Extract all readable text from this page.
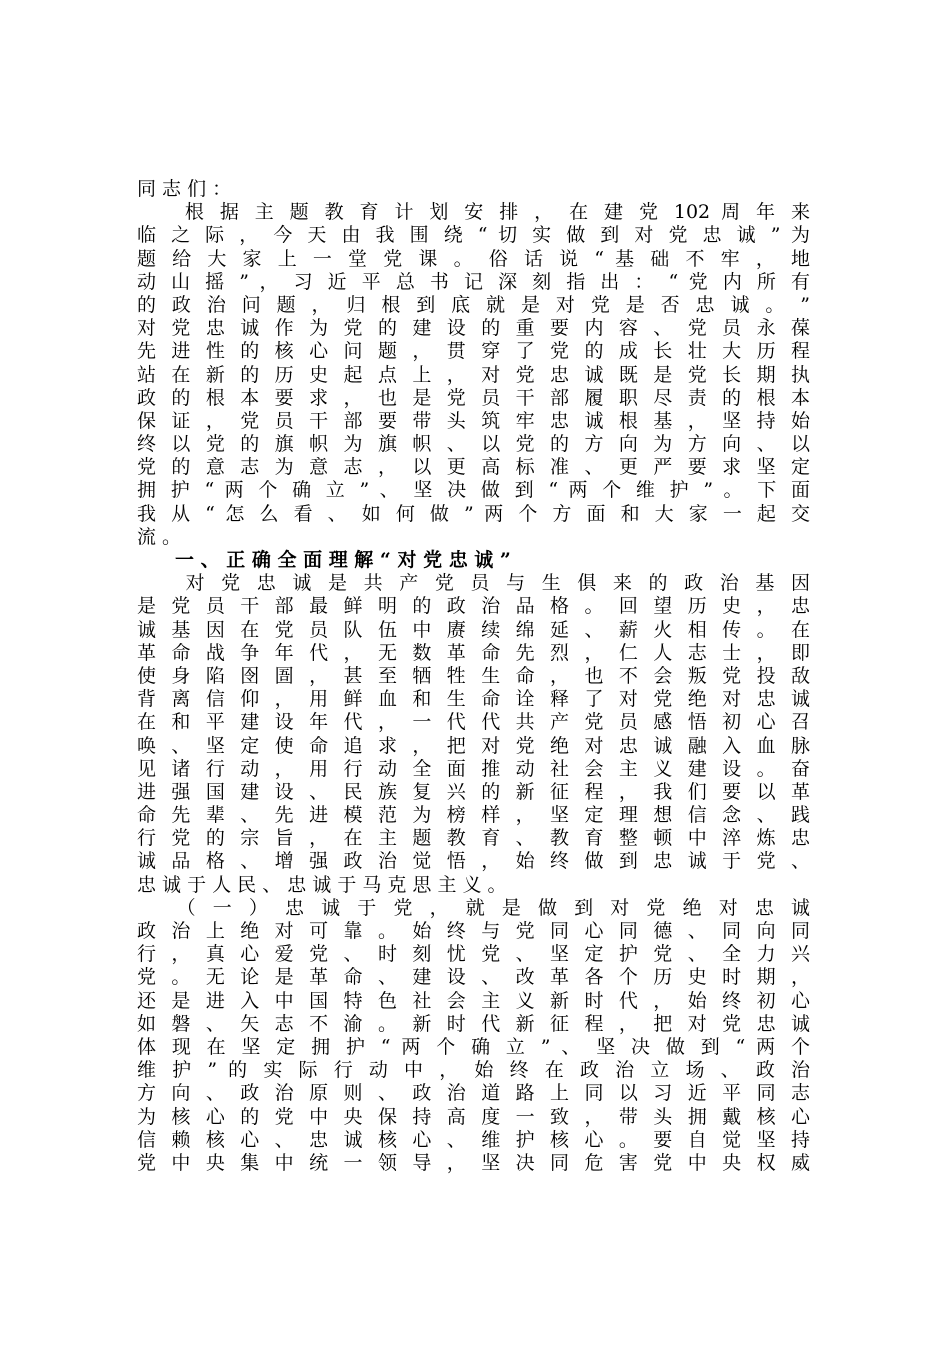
同 志 们 ：
　　根 据 主 题 教 育 计 划 安 排 ， 在 建 党 102 周 年 来
临 之 际 ， 今 天 由 我 围 绕 “ 切 实 做 到 对 党 忠 诚 ” 为
题 给 大 家 上 一 堂 党 课 。 俗 话 说 “ 基 础 不 牢 ， 地
动 山 摇 ” ， 习 近 平 总 书 记 深 刻 指 出 ： “ 党 内 所 有
的 政 治 问 题 ， 归 根 到 底 就 是 对 党 是 否 忠 诚 。 ”
对 党 忠 诚 作 为 党 的 建 设 的 重 要 内 容 、 党 员 永 葆
先 进 性 的 核 心 问 题 ， 贯 穿 了 党 的 成 长 壮 大 历 程
站 在 新 的 历 史 起 点 上 ， 对 党 忠 诚 既 是 党 长 期 执
政 的 根 本 要 求 ， 也 是 党 员 干 部 履 职 尽 责 的 根 本
保 证 ， 党 员 干 部 要 带 头 筑 牢 忠 诚 根 基 ， 坚 持 始
终 以 党 的 旗 帜 为 旗 帜 、 以 党 的 方 向 为 方 向 、 以
党 的 意 志 为 意 志 ， 以 更 高 标 准 、 更 严 要 求 坚 定
拥 护 “ 两 个 确 立 ” 、 坚 决 做 到 “ 两 个 维 护 ” 。 下 面
我 从 “ 怎 么 看 、 如 何 做 ” 两 个 方 面 和 大 家 一 起 交
流 。
　　一 、 正 确 全 面 理 解 “ 对 党 忠 诚 ”
　　对 党 忠 诚 是 共 产 党 员 与 生 俱 来 的 政 治 基 因
是 党 员 干 部 最 鲜 明 的 政 治 品 格 。 回 望 历 史 ， 忠
诚 基 因 在 党 员 队 伍 中 赓 续 绵 延 、 薪 火 相 传 。 在
革 命 战 争 年 代 ， 无 数 革 命 先 烈 ， 仁 人 志 士 ， 即
使 身 陷 囹 圄 ， 甚 至 牺 牲 生 命 ， 也 不 会 叛 党 投 敌
背 离 信 仰 ， 用 鲜 血 和 生 命 诠 释 了 对 党 绝 对 忠 诚
在 和 平 建 设 年 代 ， 一 代 代 共 产 党 员 感 悟 初 心 召
唤 、 坚 定 使 命 追 求 ， 把 对 党 绝 对 忠 诚 融 入 血 脉
见 诸 行 动 ， 用 行 动 全 面 推 动 社 会 主 义 建 设 。 奋
进 强 国 建 设 、 民 族 复 兴 的 新 征 程 ， 我 们 要 以 革
命 先 辈 、 先 进 模 范 为 榜 样 ， 坚 定 理 想 信 念 、 践
行 党 的 宗 旨 ， 在 主 题 教 育 、 教 育 整 顿 中 淬 炼 忠
诚 品 格 、 增 强 政 治 觉 悟 ， 始 终 做 到 忠 诚 于 党 、
忠 诚 于 人 民 、 忠 诚 于 马 克 思 主 义 。
　　（ 一 ） 忠 诚 于 党 ， 就 是 做 到 对 党 绝 对 忠 诚
政 治 上 绝 对 可 靠 。 始 终 与 党 同 心 同 德 、 同 向 同
行 ， 真 心 爱 党 、 时 刻 忧 党 、 坚 定 护 党 、 全 力 兴
党 。 无 论 是 革 命 、 建 设 、 改 革 各 个 历 史 时 期 ，
还 是 进 入 中 国 特 色 社 会 主 义 新 时 代 ， 始 终 初 心
如 磐 、 矢 志 不 渝 。 新 时 代 新 征 程 ， 把 对 党 忠 诚
体 现 在 坚 定 拥 护 “ 两 个 确 立 ” 、 坚 决 做 到 “ 两 个
维 护 ” 的 实 际 行 动 中 ， 始 终 在 政 治 立 场 、 政 治
方 向 、 政 治 原 则 、 政 治 道 路 上 同 以 习 近 平 同 志
为 核 心 的 党 中 央 保 持 高 度 一 致 ， 带 头 拥 戴 核 心
信 赖 核 心 、 忠 诚 核 心 、 维 护 核 心 。 要 自 觉 坚 持
党 中 央 集 中 统 一 领 导 ， 坚 决 同 危 害 党 中 央 权 威
